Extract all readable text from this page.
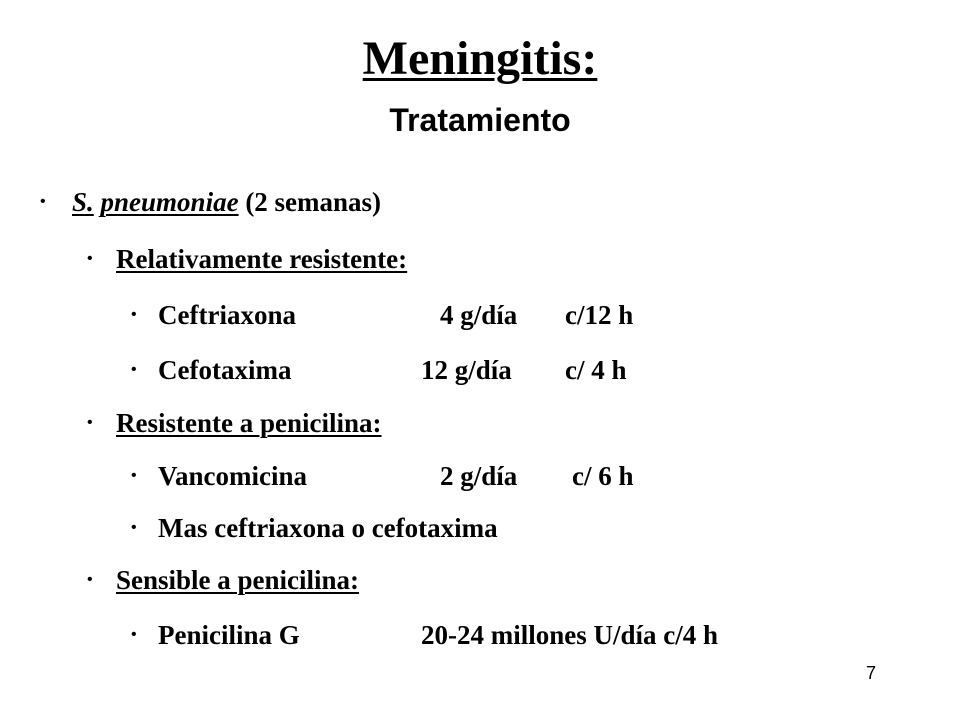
Meningitis:
Tratamiento
• S. pneumoniae (2 semanas)
• Relativamente resistente:
• Ceftriaxona	4 g/día c/12 h
• Cefotaxima	12 g/día c/ 4 h
• Resistente a penicilina:
• Vancomicina	2 g/día c/ 6 h
• Mas ceftriaxona o cefotaxima
• Sensible a penicilina:
• Penicilina G	20-24 millones U/día c/4 h
7
